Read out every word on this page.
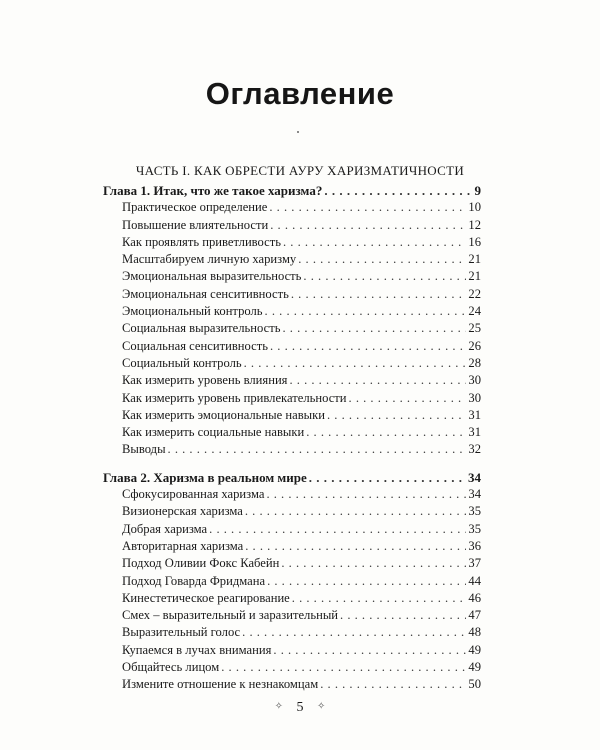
Оглавление
ЧАСТЬ I. КАК ОБРЕСТИ АУРУ ХАРИЗМАТИЧНОСТИ
Глава 1. Итак, что же такое харизма? . . .	9
Практическое определение . . .	10
Повышение влиятельности . . .	12
Как проявлять приветливость . . .	16
Масштабируем личную харизму . . .	21
Эмоциональная выразительность . . .	21
Эмоциональная сенситивность . . .	22
Эмоциональный контроль . . .	24
Социальная выразительность . . .	25
Социальная сенситивность . . .	26
Социальный контроль . . .	28
Как измерить уровень влияния . . .	30
Как измерить уровень привлекательности . . .	30
Как измерить эмоциональные навыки . . .	31
Как измерить социальные навыки . . .	31
Выводы . . .	32
Глава 2. Харизма в реальном мире . . .	34
Сфокусированная харизма . . .	34
Визионерская харизма . . .	35
Добрая харизма . . .	35
Авторитарная харизма . . .	36
Подход Оливии Фокс Кабейн . . .	37
Подход Говарда Фридмана . . .	44
Кинестетическое реагирование . . .	46
Смех – выразительный и заразительный . . .	47
Выразительный голос . . .	48
Купаемся в лучах внимания . . .	49
Общайтесь лицом . . .	49
Измените отношение к незнакомцам . . .	50
✧ 5 ✧
